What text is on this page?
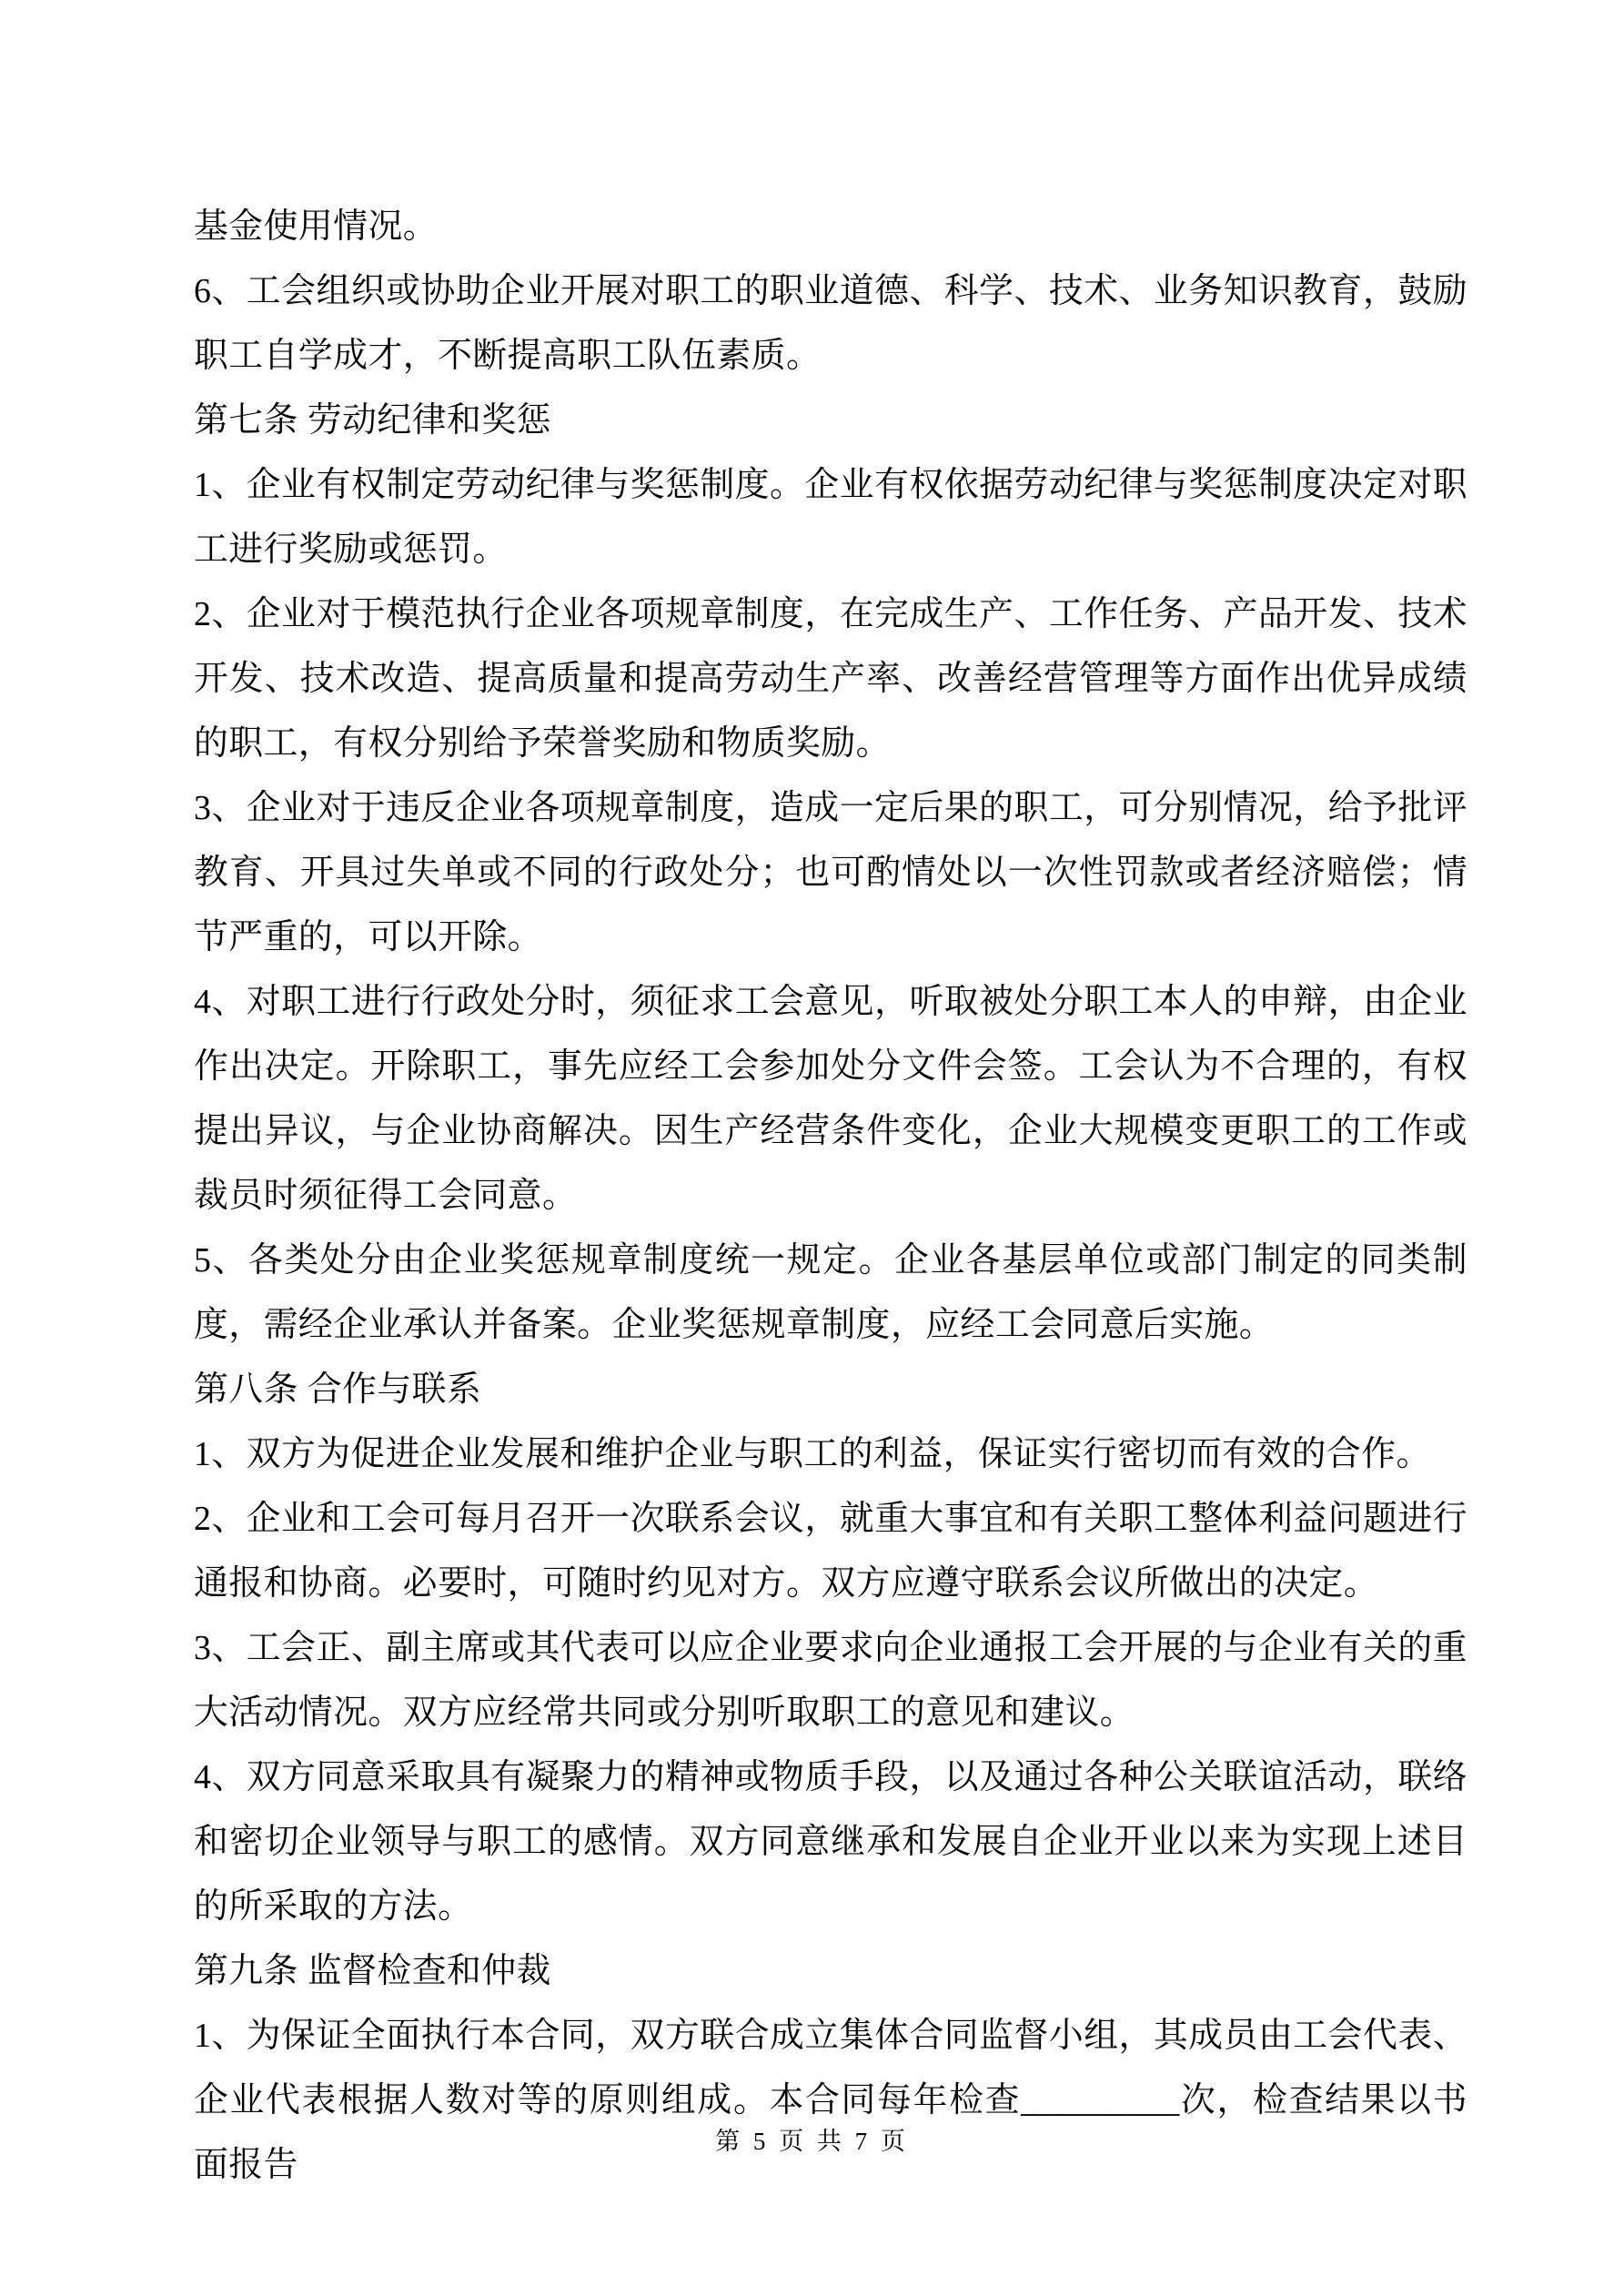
基金使用情况。

6、工会组织或协助企业开展对职工的职业道德、科学、技术、业务知识教育，鼓励职工自学成才，不断提高职工队伍素质。

第七条 劳动纪律和奖惩

1、企业有权制定劳动纪律与奖惩制度。企业有权依据劳动纪律与奖惩制度决定对职工进行奖励或惩罚。

2、企业对于模范执行企业各项规章制度，在完成生产、工作任务、产品开发、技术开发、技术改造、提高质量和提高劳动生产率、改善经营管理等方面作出优异成绩的职工，有权分别给予荣誉奖励和物质奖励。

3、企业对于违反企业各项规章制度，造成一定后果的职工，可分别情况，给予批评教育、开具过失单或不同的行政处分；也可酌情处以一次性罚款或者经济赔偿；情节严重的，可以开除。

4、对职工进行行政处分时，须征求工会意见，听取被处分职工本人的申辩，由企业作出决定。开除职工，事先应经工会参加处分文件会签。工会认为不合理的，有权提出异议，与企业协商解决。因生产经营条件变化，企业大规模变更职工的工作或裁员时须征得工会同意。

5、各类处分由企业奖惩规章制度统一规定。企业各基层单位或部门制定的同类制度，需经企业承认并备案。企业奖惩规章制度，应经工会同意后实施。

第八条 合作与联系

1、双方为促进企业发展和维护企业与职工的利益，保证实行密切而有效的合作。

2、企业和工会可每月召开一次联系会议，就重大事宜和有关职工整体利益问题进行通报和协商。必要时，可随时约见对方。双方应遵守联系会议所做出的决定。

3、工会正、副主席或其代表可以应企业要求向企业通报工会开展的与企业有关的重大活动情况。双方应经常共同或分别听取职工的意见和建议。

4、双方同意采取具有凝聚力的精神或物质手段，以及通过各种公关联谊活动，联络和密切企业领导与职工的感情。双方同意继承和发展自企业开业以来为实现上述目的所采取的方法。

第九条 监督检查和仲裁

1、为保证全面执行本合同，双方联合成立集体合同监督小组，其成员由工会代表、企业代表根据人数对等的原则组成。本合同每年检查_________次，检查结果以书面报告

第 5 页 共 7 页
